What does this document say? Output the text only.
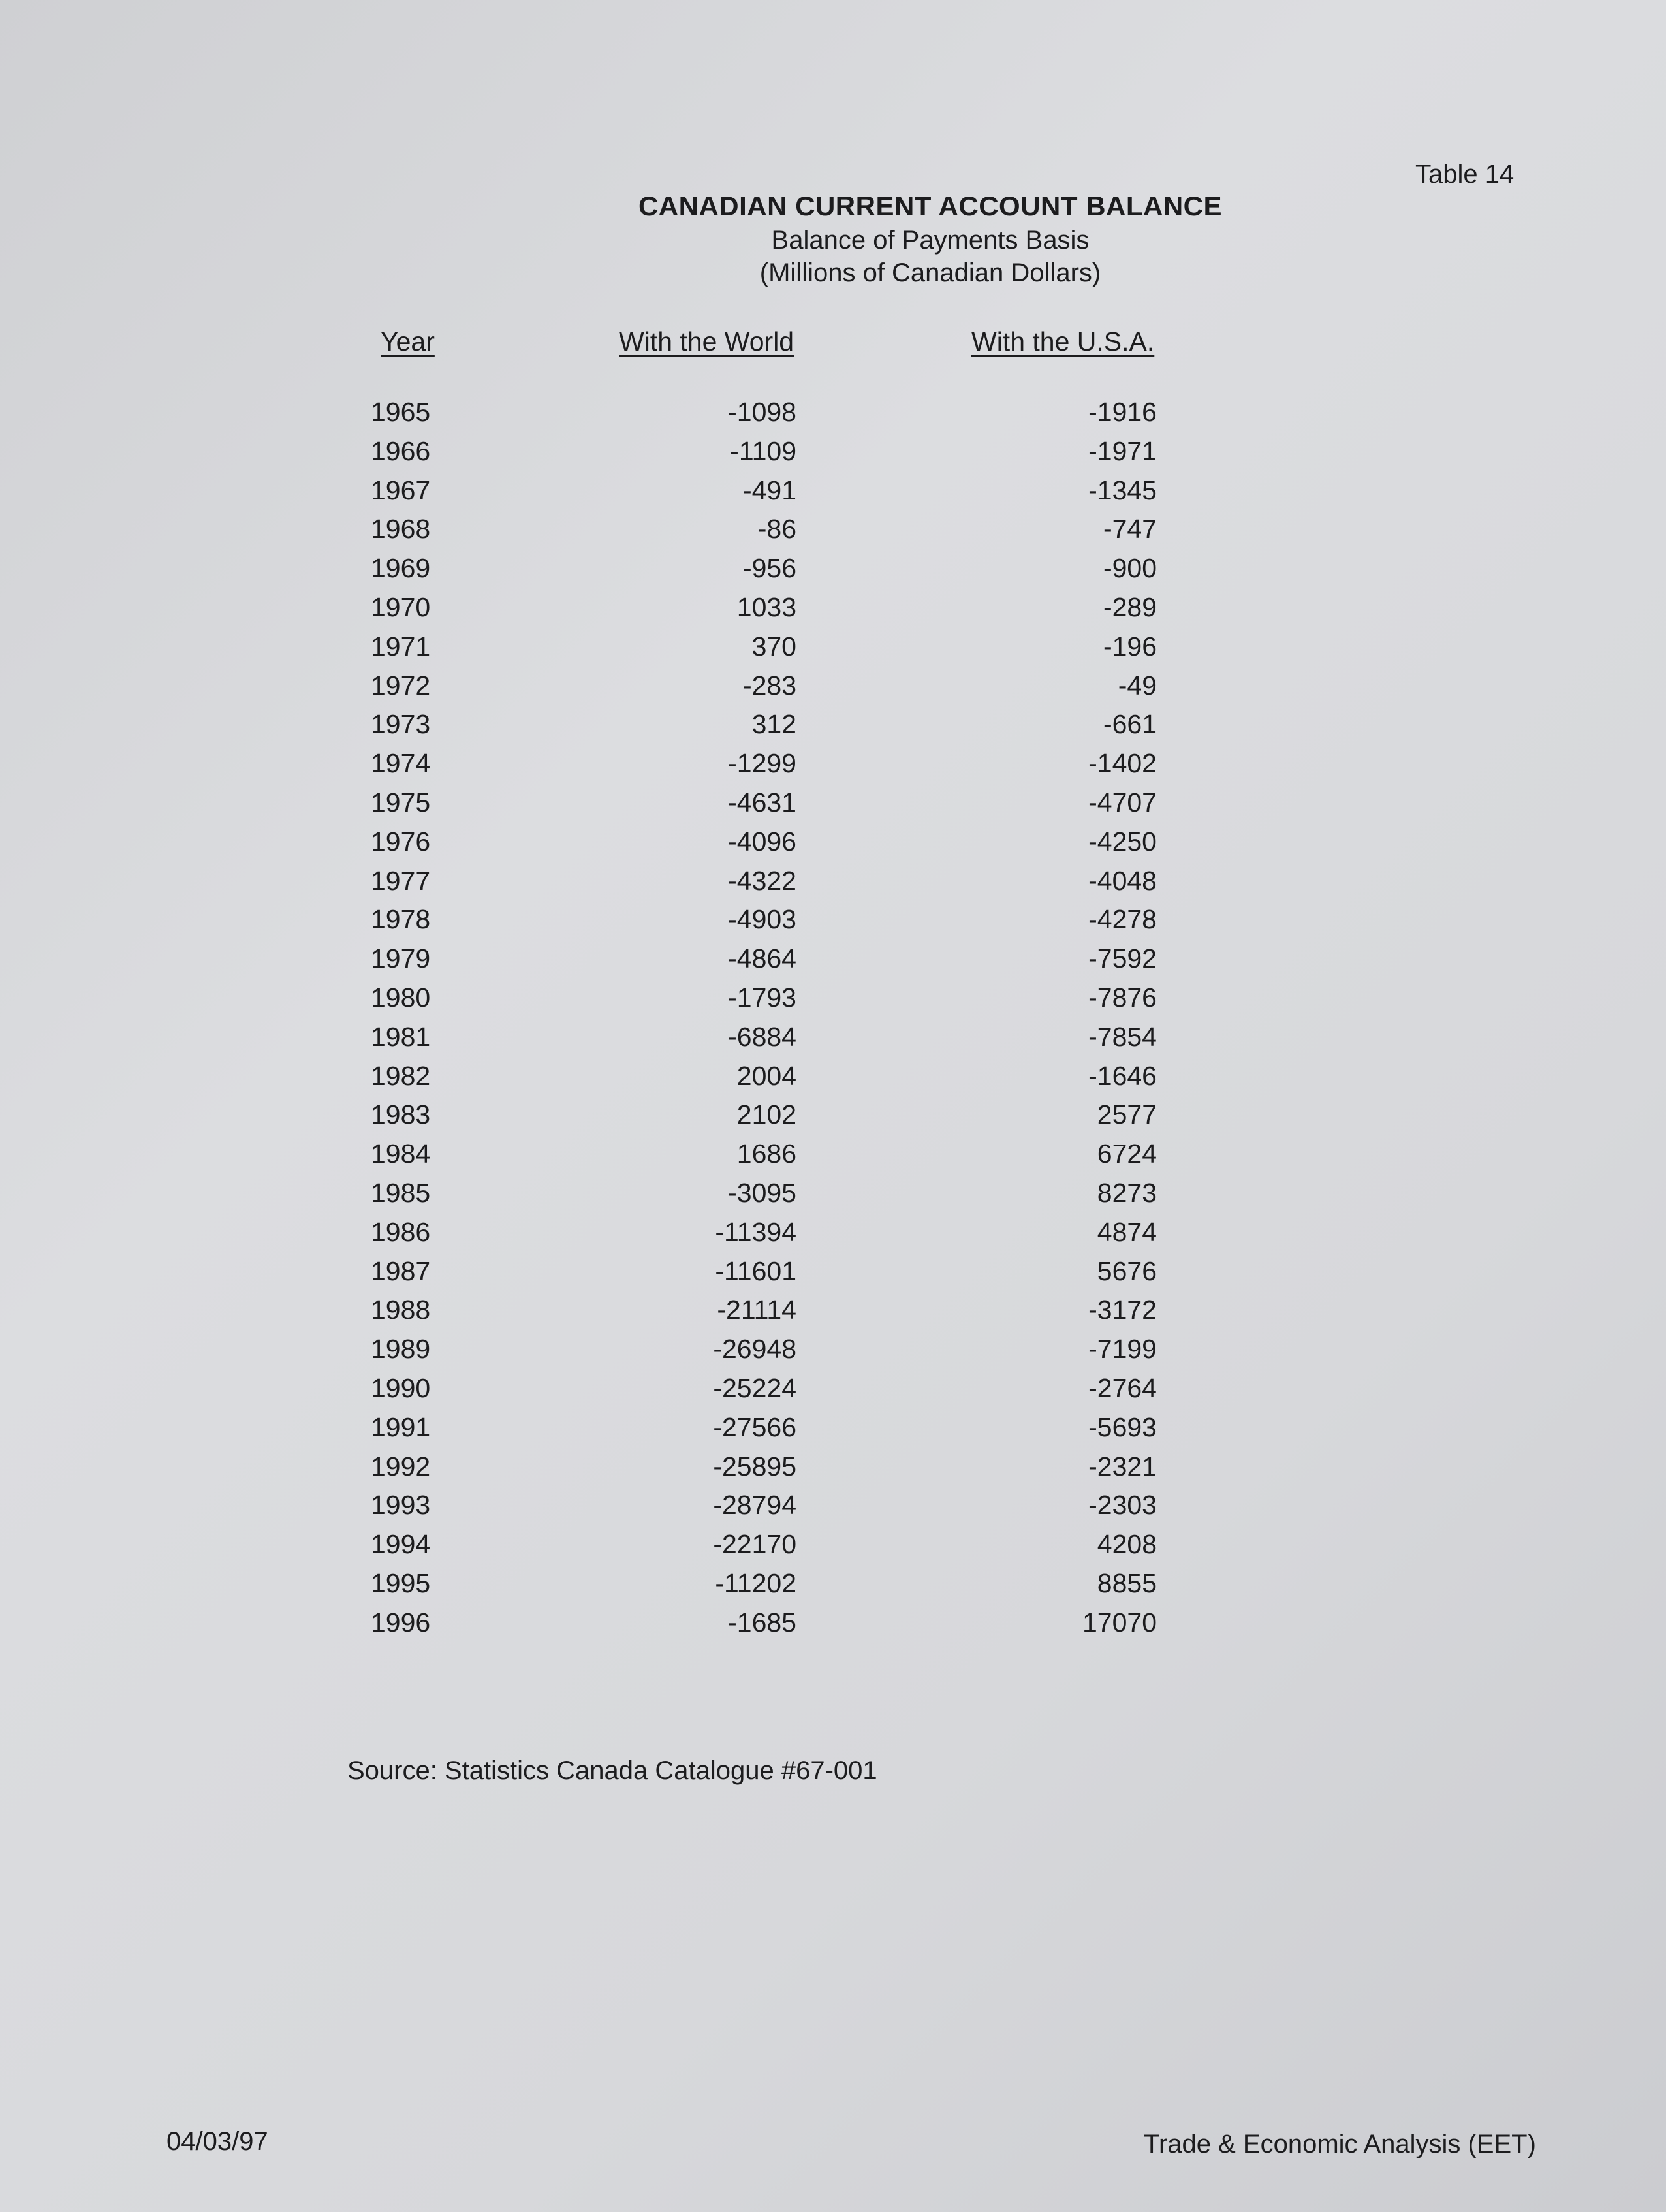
Table 14
CANADIAN CURRENT ACCOUNT BALANCE
Balance of Payments Basis
(Millions of Canadian Dollars)
Year	With the World	With the U.S.A.
1965	-1098	-1916
1966	-1109	-1971
1967	-491	-1345
1968	-86	-747
1969	-956	-900
1970	1033	-289
1971	370	-196
1972	-283	-49
1973	312	-661
1974	-1299	-1402
1975	-4631	-4707
1976	-4096	-4250
1977	-4322	-4048
1978	-4903	-4278
1979	-4864	-7592
1980	-1793	-7876
1981	-6884	-7854
1982	2004	-1646
1983	2102	2577
1984	1686	6724
1985	-3095	8273
1986	-11394	4874
1987	-11601	5676
1988	-21114	-3172
1989	-26948	-7199
1990	-25224	-2764
1991	-27566	-5693
1992	-25895	-2321
1993	-28794	-2303
1994	-22170	4208
1995	-11202	8855
1996	-1685	17070
Source: Statistics Canada Catalogue #67-001
04/03/97	Trade & Economic Analysis (EET)
